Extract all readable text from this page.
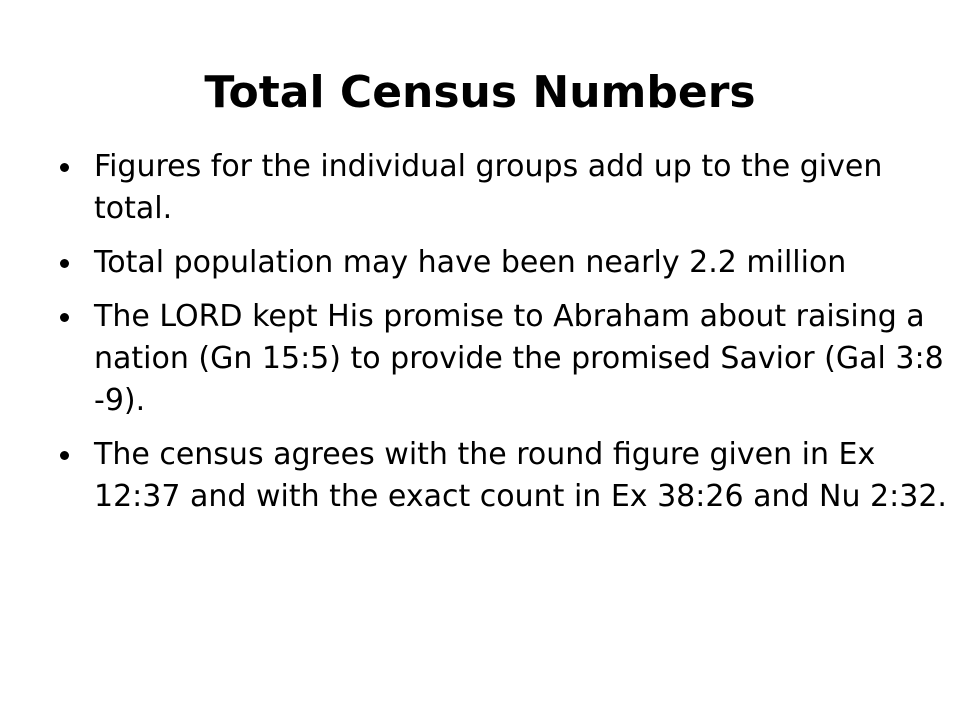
Total Census Numbers
Figures for the individual groups add up to the given total.
Total population may have been nearly 2.2 million
The LORD kept His promise to Abraham about raising a nation (Gn 15:5) to provide the promised Savior (Gal 3:8 -9).
The census agrees with the round figure given in Ex 12:37 and with the exact count in Ex 38:26 and Nu 2:32.
